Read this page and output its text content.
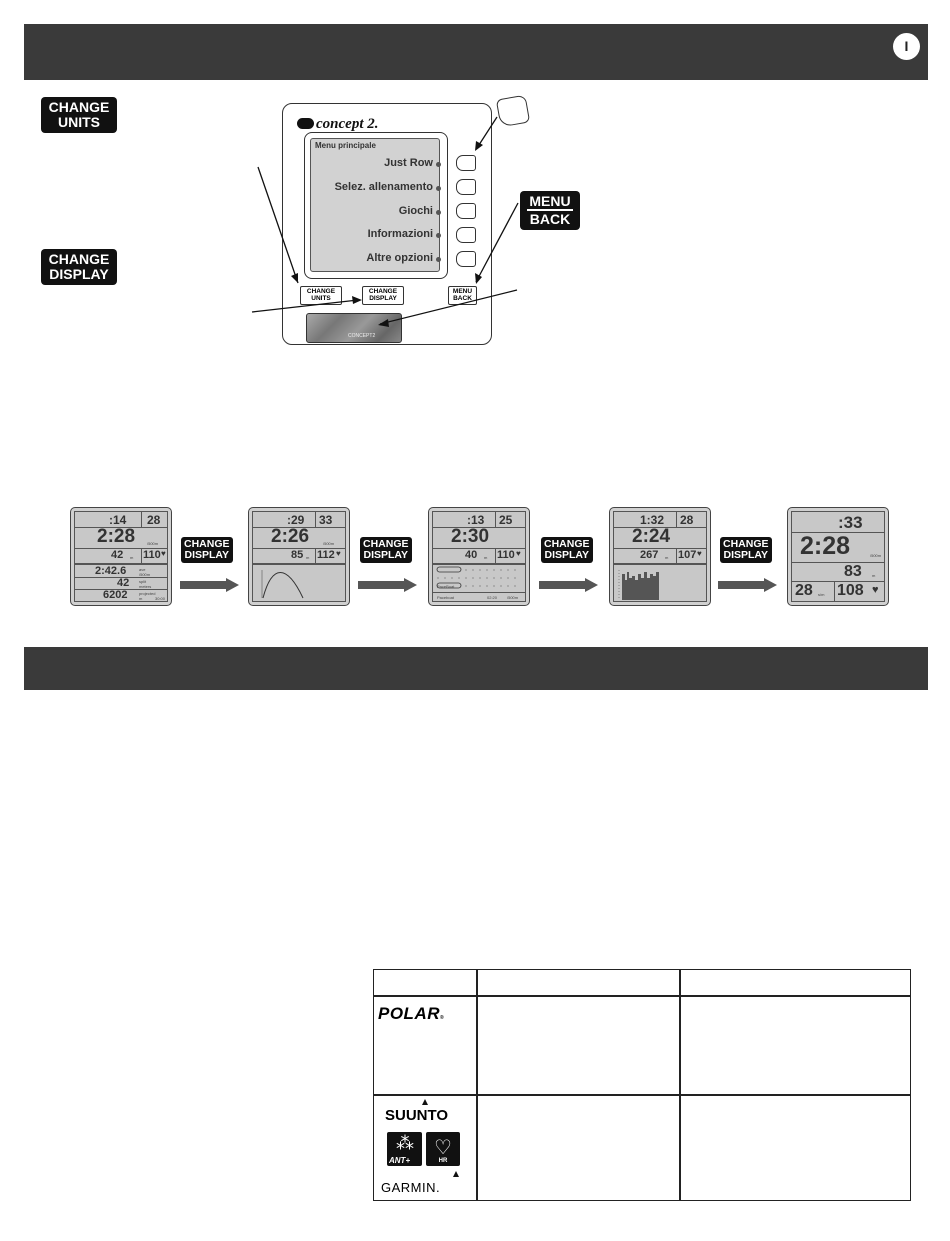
I
CHANGE
UNITS
CHANGE
DISPLAY
MENU
BACK
concept 2.
Menu principale
Just Row
Selez. allenamento
Giochi
Informazioni
Altre opzioni
CHANGE
UNITS
CHANGE
DISPLAY
MENU
BACK
CONCEPT2
:14 28
2:28	/500m
42 m 110 ♥
2:42.6	ave /500m
42 split meters
6202	projected m	30:00
:29 33
2:26	/500m
85 m 112 ♥
:13 25
2:30
40 m 110 ♥
PaceBoat
Paceboat	02:20 /500m
1:32 28
2:24
267 m 107 ♥
:33
2:28	/500m
83	m
28 s/m 108 ♥
CHANGE
DISPLAY
CHANGE
DISPLAY
CHANGE
DISPLAY
CHANGE
DISPLAY
POLAR®
SUUNTO
⁂
ANT+
♡
HR
GARMIN.
